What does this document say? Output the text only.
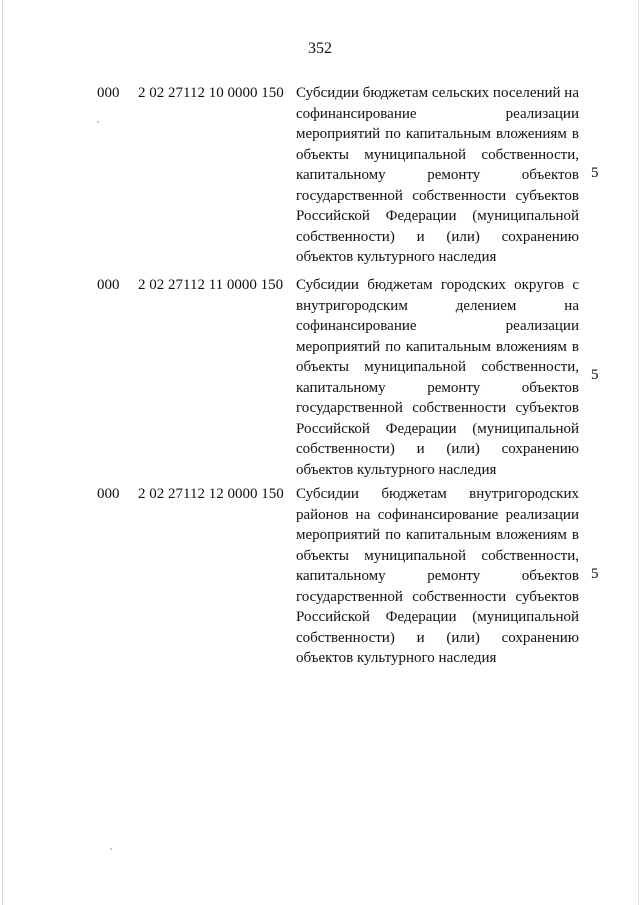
352
000 2 02 27112 10 0000 150 Субсидии бюджетам сельских поселений на
софинансирование реализации
мероприятий по капитальным вложениям в
объекты муниципальной собственности,
капитальному ремонту объектов
государственной собственности субъектов
Российской Федерации (муниципальной
собственности) и (или) сохранению
объектов культурного наследия
5
000 2 02 27112 11 0000 150 Субсидии бюджетам городских округов с
внутригородским делением на
софинансирование реализации
мероприятий по капитальным вложениям в
объекты муниципальной собственности,
капитальному ремонту объектов
государственной собственности субъектов
Российской Федерации (муниципальной
собственности) и (или) сохранению
объектов культурного наследия
5
000 2 02 27112 12 0000 150 Субсидии бюджетам внутригородских
районов на софинансирование реализации
мероприятий по капитальным вложениям в
объекты муниципальной собственности,
капитальному ремонту объектов
государственной собственности субъектов
Российской Федерации (муниципальной
собственности) и (или) сохранению
объектов культурного наследия
5
